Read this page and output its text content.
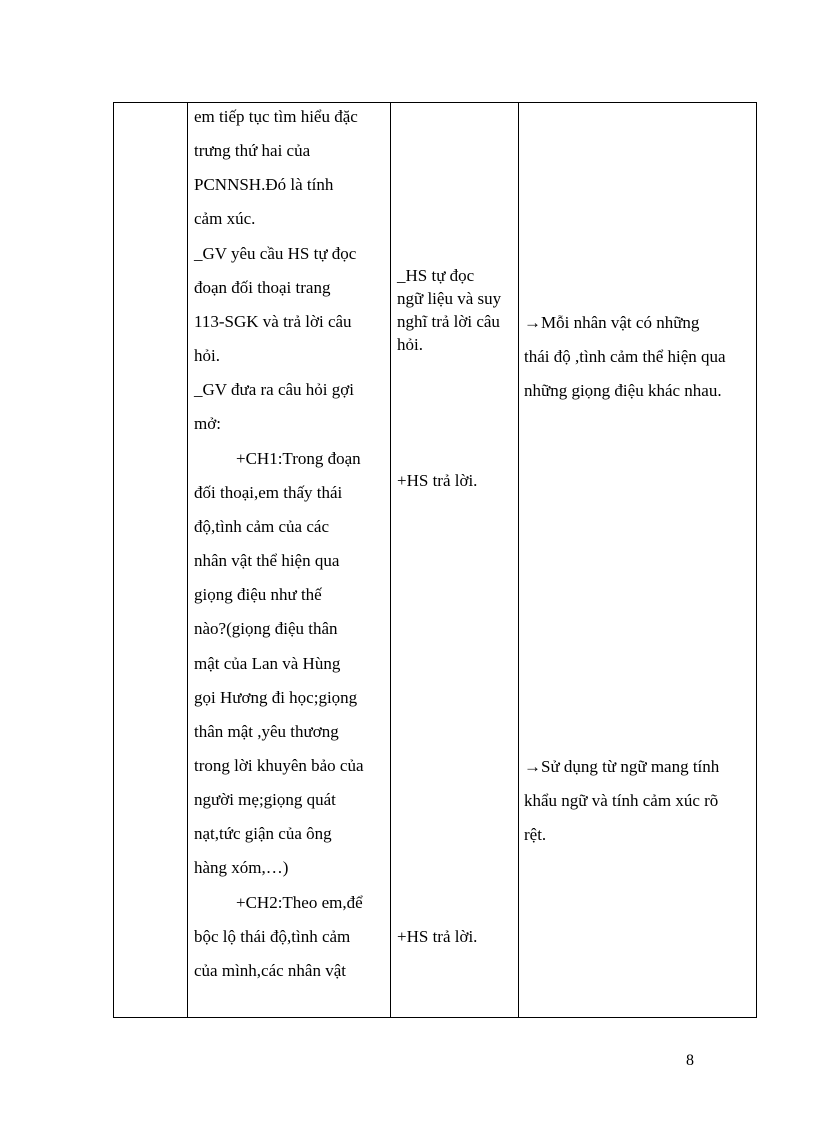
em tiếp tục tìm hiểu đặc
trưng thứ hai của
PCNNSH.Đó là tính
cảm xúc.
_GV yêu cầu HS tự đọc
đoạn đối thoại trang
113-SGK và trả lời câu
hỏi.
_GV đưa ra câu hỏi gợi
mở:
+CH1:Trong đoạn
đối thoại,em thấy thái
độ,tình cảm của các
nhân vật thể hiện qua
giọng điệu như thế
nào?(giọng điệu thân
mật của Lan và Hùng
gọi Hương đi học;giọng
thân mật ,yêu thương
trong lời khuyên bảo của
người mẹ;giọng quát
nạt,tức giận của ông
hàng xóm,…)
+CH2:Theo em,để
bộc lộ thái độ,tình cảm
của mình,các nhân vật
_HS tự đọc
ngữ liệu và suy
nghĩ trả lời câu
hỏi.
+HS trả lời.
+HS trả lời.
→Mỗi nhân vật có những
thái độ ,tình cảm thể hiện qua
những giọng điệu khác nhau.
→Sử dụng từ ngữ mang tính
khẩu ngữ và tính cảm xúc rõ
rệt.
8
